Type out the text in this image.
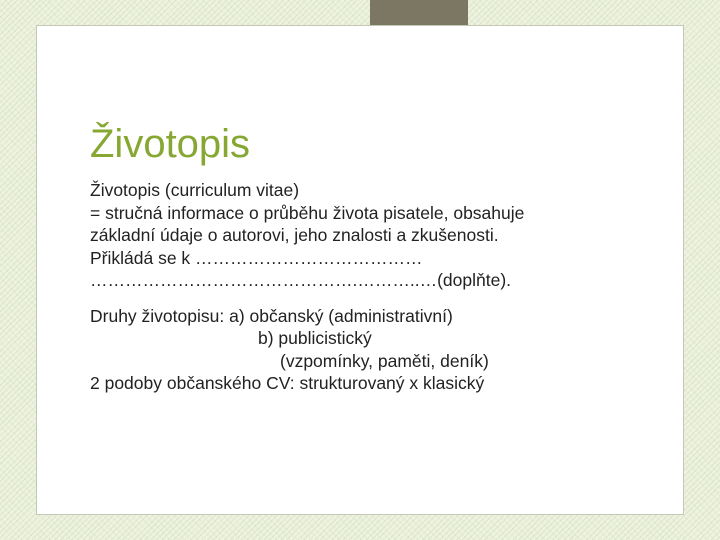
Životopis
Životopis (curriculum vitae)
= stručná informace o průběhu života pisatele, obsahuje
základní údaje o autorovi, jeho znalosti a zkušenosti.
Přikládá se k …………………………………
……………………………………….………..…(doplňte).
Druhy životopisu: a) občanský (administrativní)
b) publicistický
(vzpomínky, paměti, deník)
2 podoby občanského CV: strukturovaný x klasický
